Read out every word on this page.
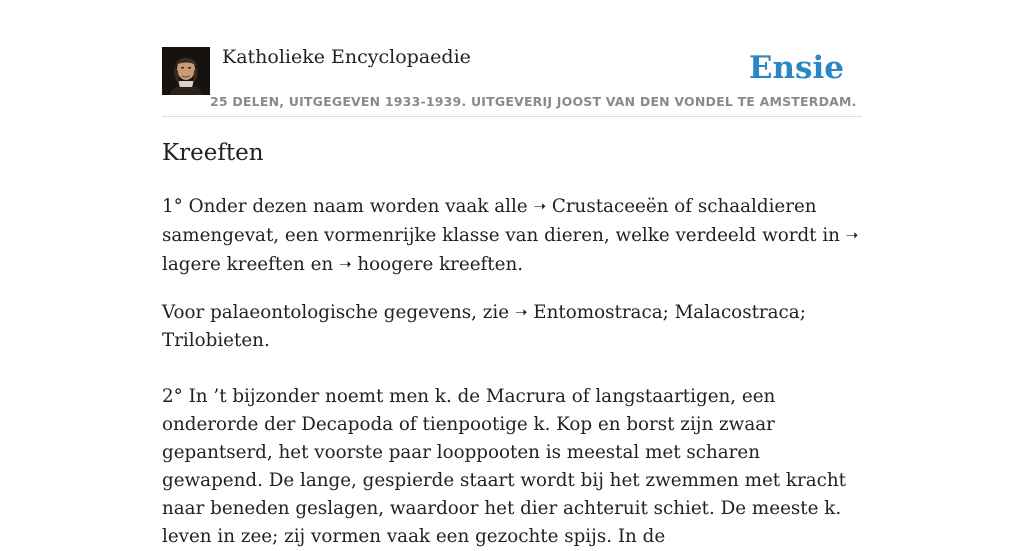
Katholieke Encyclopaedie
25 DELEN, UITGEGEVEN 1933-1939. UITGEVERIJ JOOST VAN DEN VONDEL TE AMSTERDAM.
Ensie
Kreeften

1° Onder dezen naam worden vaak alle ➝ Crustaceeën of schaaldieren samengevat, een vormenrijke klasse van dieren, welke verdeeld wordt in ➝ lagere kreeften en ➝ hoogere kreeften.

Voor palaeontologische gegevens, zie ➝ Entomostraca; Malacostraca; Trilobieten.

2° In ’t bijzonder noemt men k. de Macrura of langstaartigen, een onderorde der Decapoda of tienpootige k. Kop en borst zijn zwaar gepantserd, het voorste paar looppooten is meestal met scharen gewapend. De lange, gespierde staart wordt bij het zwemmen met kracht naar beneden geslagen, waardoor het dier achteruit schiet. De meeste k. leven in zee; zij vormen vaak een gezochte spijs. In de
